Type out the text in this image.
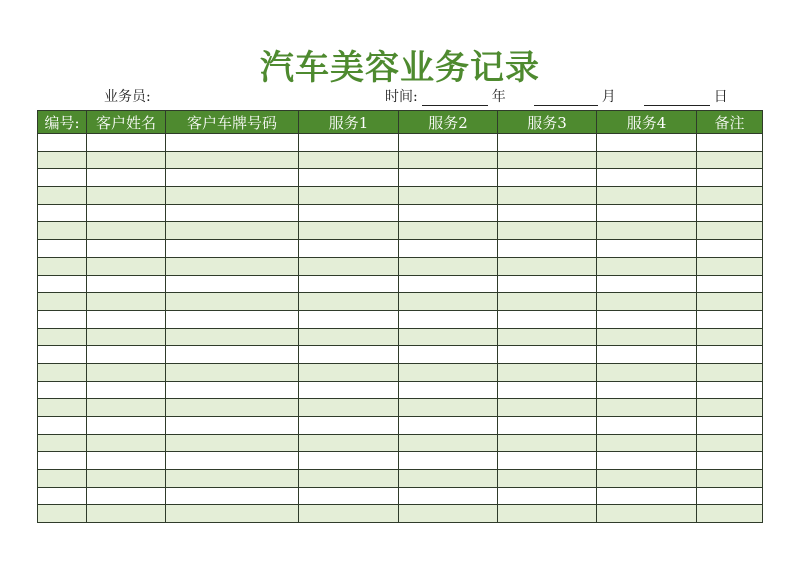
汽车美容业务记录
业务员:	时间:	年	月	日
编号:	客户姓名	客户车牌号码	服务1	服务2	服务3	服务4	备注
